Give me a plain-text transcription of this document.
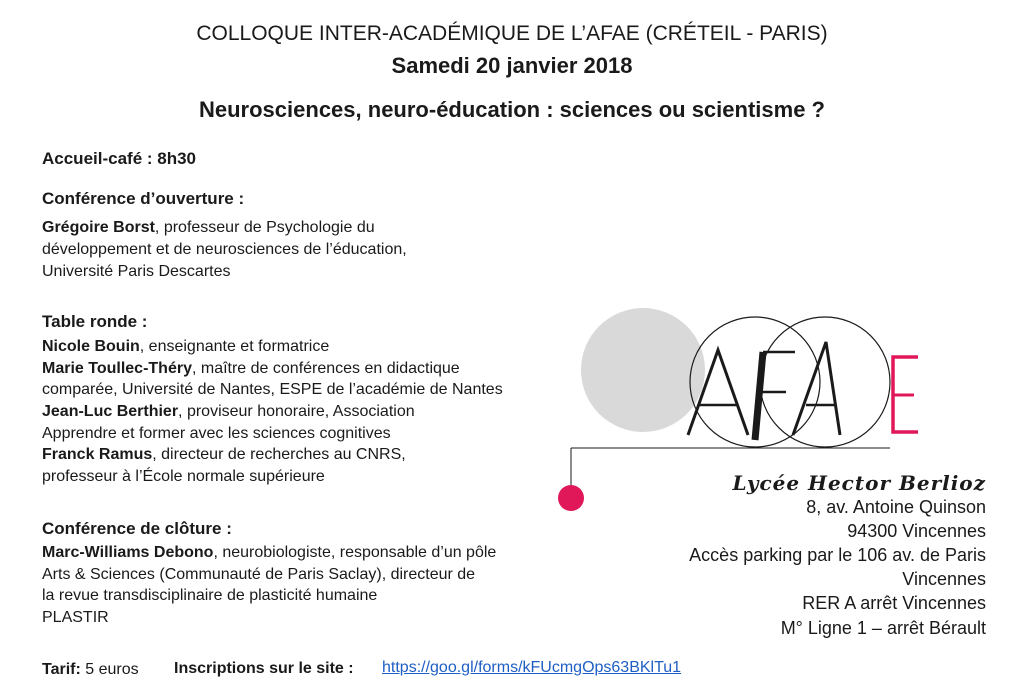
COLLOQUE INTER-ACADÉMIQUE DE L’AFAE (CRÉTEIL - PARIS)
Samedi 20 janvier 2018
Neurosciences, neuro-éducation : sciences ou scientisme ?
Accueil-café : 8h30
Conférence d’ouverture :
Grégoire Borst, professeur de Psychologie du
développement et de neurosciences de l’éducation,
Université Paris Descartes
Table ronde :
Nicole Bouin, enseignante et formatrice
Marie Toullec-Théry, maître de conférences en didactique
comparée, Université de Nantes, ESPE de l’académie de Nantes
Jean-Luc Berthier, proviseur honoraire, Association
Apprendre et former avec les sciences cognitives
Franck Ramus, directeur de recherches au CNRS,
professeur à l’École normale supérieure
Conférence de clôture :
Marc-Williams Debono, neurobiologiste, responsable d’un pôle
Arts & Sciences (Communauté de Paris Saclay), directeur de
la revue transdisciplinaire de plasticité humaine
PLASTIR
Tarif: 5 euros Inscriptions sur le site : https://goo.gl/forms/kFUcmgOps63BKlTu1
Lycée Hector Berlioz
8, av. Antoine Quinson
94300 Vincennes
Accès parking par le 106 av. de Paris
Vincennes
RER A arrêt Vincennes
M° Ligne 1 – arrêt Bérault
